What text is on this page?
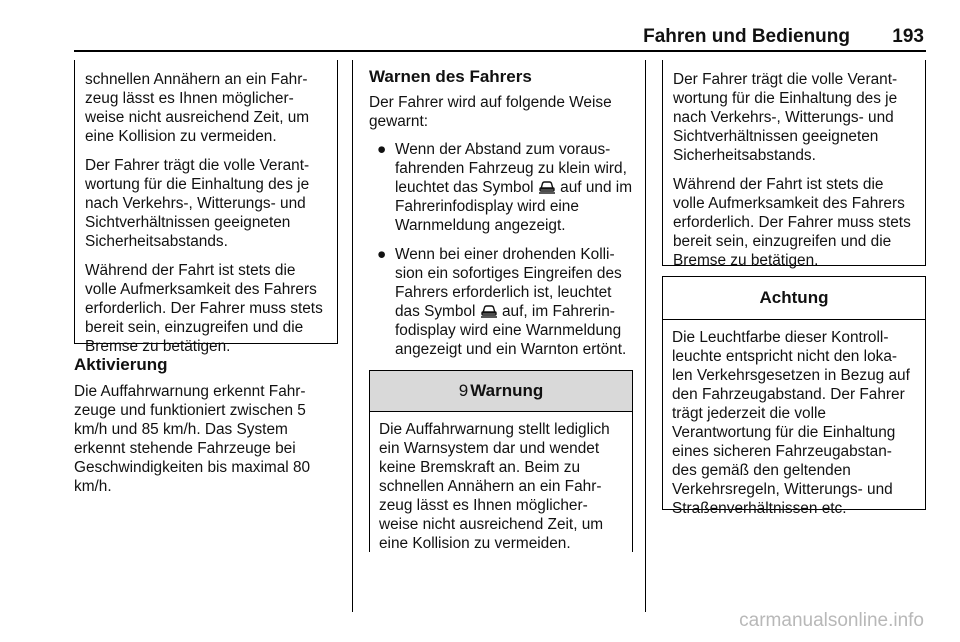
Fahren und Bedienung 193

schnellen Annähern an ein Fahr-zeug lässt es Ihnen möglicher-weise nicht ausreichend Zeit, um eine Kollision zu vermeiden.

Der Fahrer trägt die volle Verant-wortung für die Einhaltung des je nach Verkehrs-, Witterungs- und Sichtverhältnissen geeigneten Sicherheitsabstands.

Während der Fahrt ist stets die volle Aufmerksamkeit des Fahrers erforderlich. Der Fahrer muss stets bereit sein, einzugreifen und die Bremse zu betätigen.

Aktivierung

Die Auffahrwarnung erkennt Fahr-zeuge und funktioniert zwischen 5 km/h und 85 km/h. Das System erkennt stehende Fahrzeuge bei Geschwindigkeiten bis maximal 80 km/h.

Warnen des Fahrers

Der Fahrer wird auf folgende Weise gewarnt:

● Wenn der Abstand zum voraus-fahrenden Fahrzeug zu klein wird, leuchtet das Symbol auf und im Fahrerinfodisplay wird eine Warnmeldung angezeigt.
● Wenn bei einer drohenden Kolli-sion ein sofortiges Eingreifen des Fahrers erforderlich ist, leuchtet das Symbol auf, im Fahrerin-fodisplay wird eine Warnmeldung angezeigt und ein Warnton ertönt.
9 Warnung

Die Auffahrwarnung stellt lediglich ein Warnsystem dar und wendet keine Bremskraft an. Beim zu schnellen Annähern an ein Fahr-zeug lässt es Ihnen möglicher-weise nicht ausreichend Zeit, um eine Kollision zu vermeiden.

Der Fahrer trägt die volle Verant-wortung für die Einhaltung des je nach Verkehrs-, Witterungs- und Sichtverhältnissen geeigneten Sicherheitsabstands.

Während der Fahrt ist stets die volle Aufmerksamkeit des Fahrers erforderlich. Der Fahrer muss stets bereit sein, einzugreifen und die Bremse zu betätigen.

Achtung

Die Leuchtfarbe dieser Kontroll-leuchte entspricht nicht den loka-len Verkehrsgesetzen in Bezug auf den Fahrzeugabstand. Der Fahrer trägt jederzeit die volle Verantwortung für die Einhaltung eines sicheren Fahrzeugabstan-des gemäß den geltenden Verkehrsregeln, Witterungs- und Straßenverhältnissen etc.

carmanualsonline.info
